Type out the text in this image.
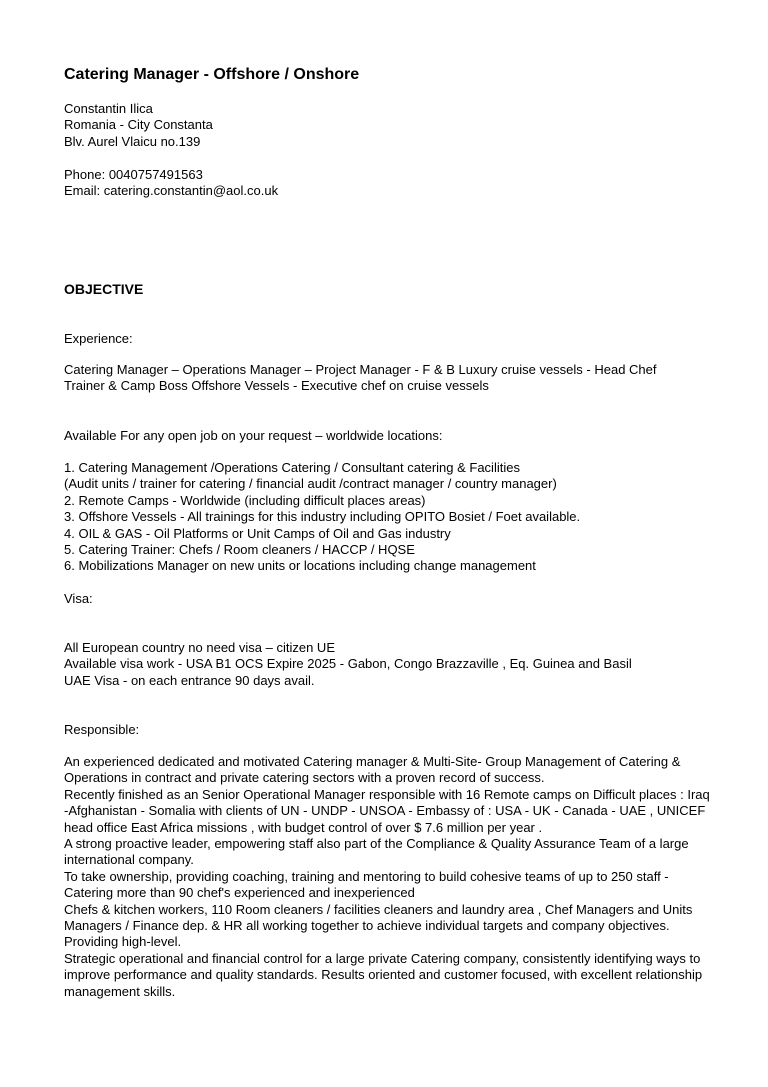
Catering Manager - Offshore / Onshore
Constantin Ilica
Romania - City Constanta
Blv. Aurel Vlaicu no.139
Phone: 0040757491563
Email: catering.constantin@aol.co.uk
OBJECTIVE
Experience:
Catering Manager – Operations Manager – Project Manager - F & B Luxury cruise vessels - Head Chef
Trainer & Camp Boss Offshore Vessels - Executive chef on cruise vessels
Available For any open job on your request – worldwide locations:
1. Catering Management /Operations Catering / Consultant catering & Facilities
(Audit units / trainer for catering / financial audit /contract manager / country manager)
2. Remote Camps - Worldwide (including difficult places areas)
3. Offshore Vessels - All trainings for this industry including OPITO Bosiet / Foet available.
4. OIL & GAS - Oil Platforms or Unit Camps of Oil and Gas industry
5. Catering Trainer: Chefs / Room cleaners / HACCP / HQSE
6. Mobilizations Manager on new units or locations including change management
Visa:
All European country no need visa – citizen UE
Available visa work - USA B1 OCS Expire 2025 - Gabon, Congo Brazzaville , Eq. Guinea and Basil
UAE Visa - on each entrance 90 days avail.
Responsible:
An experienced dedicated and motivated Catering manager & Multi-Site- Group Management of Catering & Operations in contract and private catering sectors with a proven record of success.
Recently finished as an Senior Operational Manager responsible with 16 Remote camps on Difficult places : Iraq -Afghanistan - Somalia with clients of UN - UNDP - UNSOA - Embassy of : USA - UK - Canada - UAE , UNICEF head office East Africa missions , with budget control of over $ 7.6 million per year .
A strong proactive leader, empowering staff also part of the Compliance & Quality Assurance Team of a large international company.
To take ownership, providing coaching, training and mentoring to build cohesive teams of up to 250 staff - Catering more than 90 chef's experienced and inexperienced
Chefs & kitchen workers, 110 Room cleaners / facilities cleaners and laundry area , Chef Managers and Units Managers / Finance dep. & HR all working together to achieve individual targets and company objectives. Providing high-level.
Strategic operational and financial control for a large private Catering company, consistently identifying ways to improve performance and quality standards. Results oriented and customer focused, with excellent relationship management skills.
